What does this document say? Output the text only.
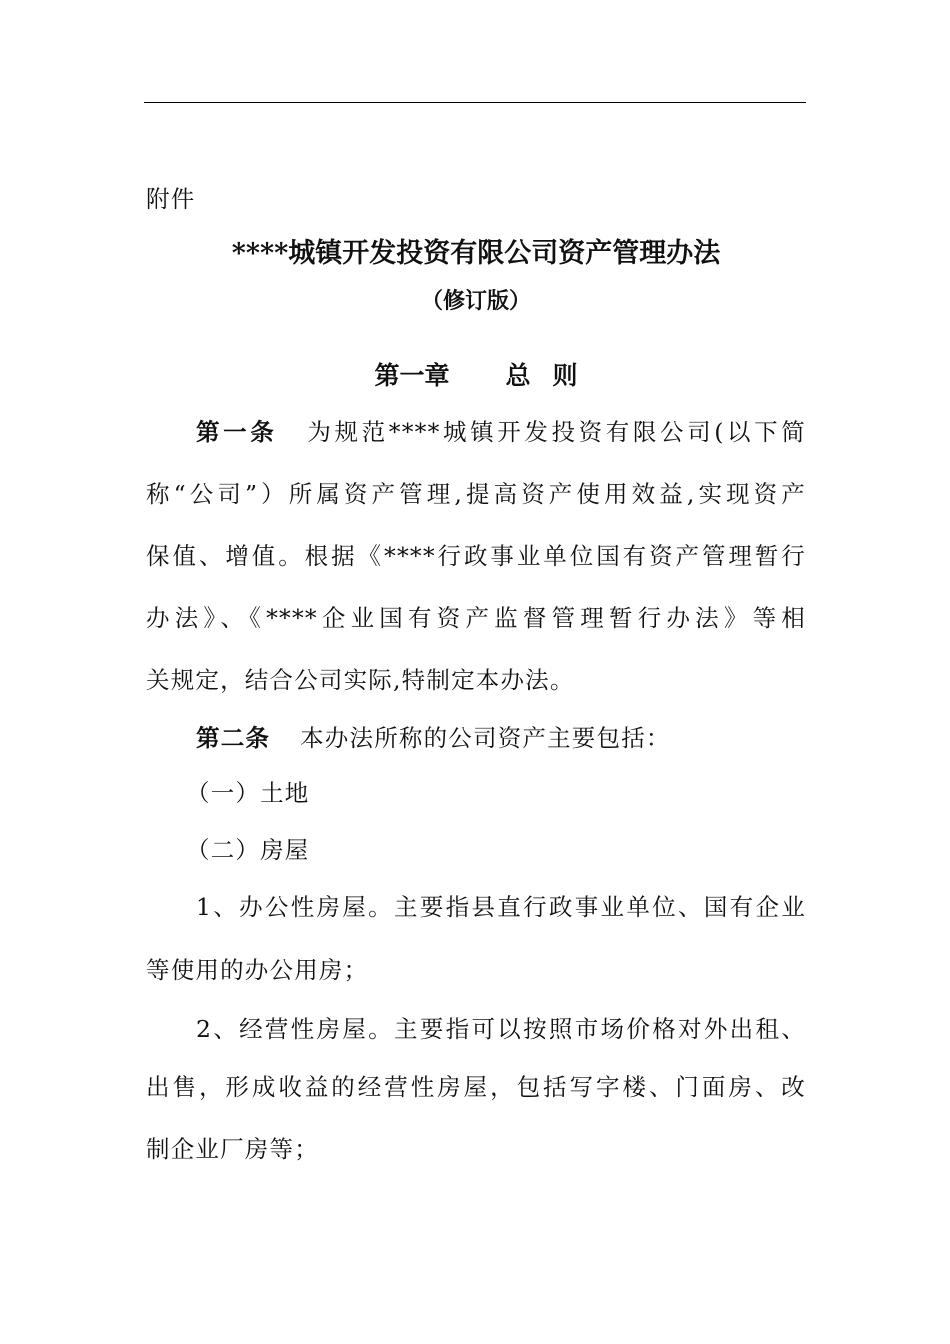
附件
****城镇开发投资有限公司资产管理办法
（修订版）
第一章 总 则
第一条 为规范****城镇开发投资有限公司(以下简
称“公司”）所属资产管理,提高资产使用效益,实现资产
保值、增值。根据《****行政事业单位国有资产管理暂行
办法》、《****企业国有资产监督管理暂行办法》等相
关规定，结合公司实际,特制定本办法。
第二条 本办法所称的公司资产主要包括：
（一）土地
（二）房屋
1、办公性房屋。主要指县直行政事业单位、国有企业
等使用的办公用房；
2、经营性房屋。主要指可以按照市场价格对外出租、
出售，形成收益的经营性房屋，包括写字楼、门面房、改
制企业厂房等；
